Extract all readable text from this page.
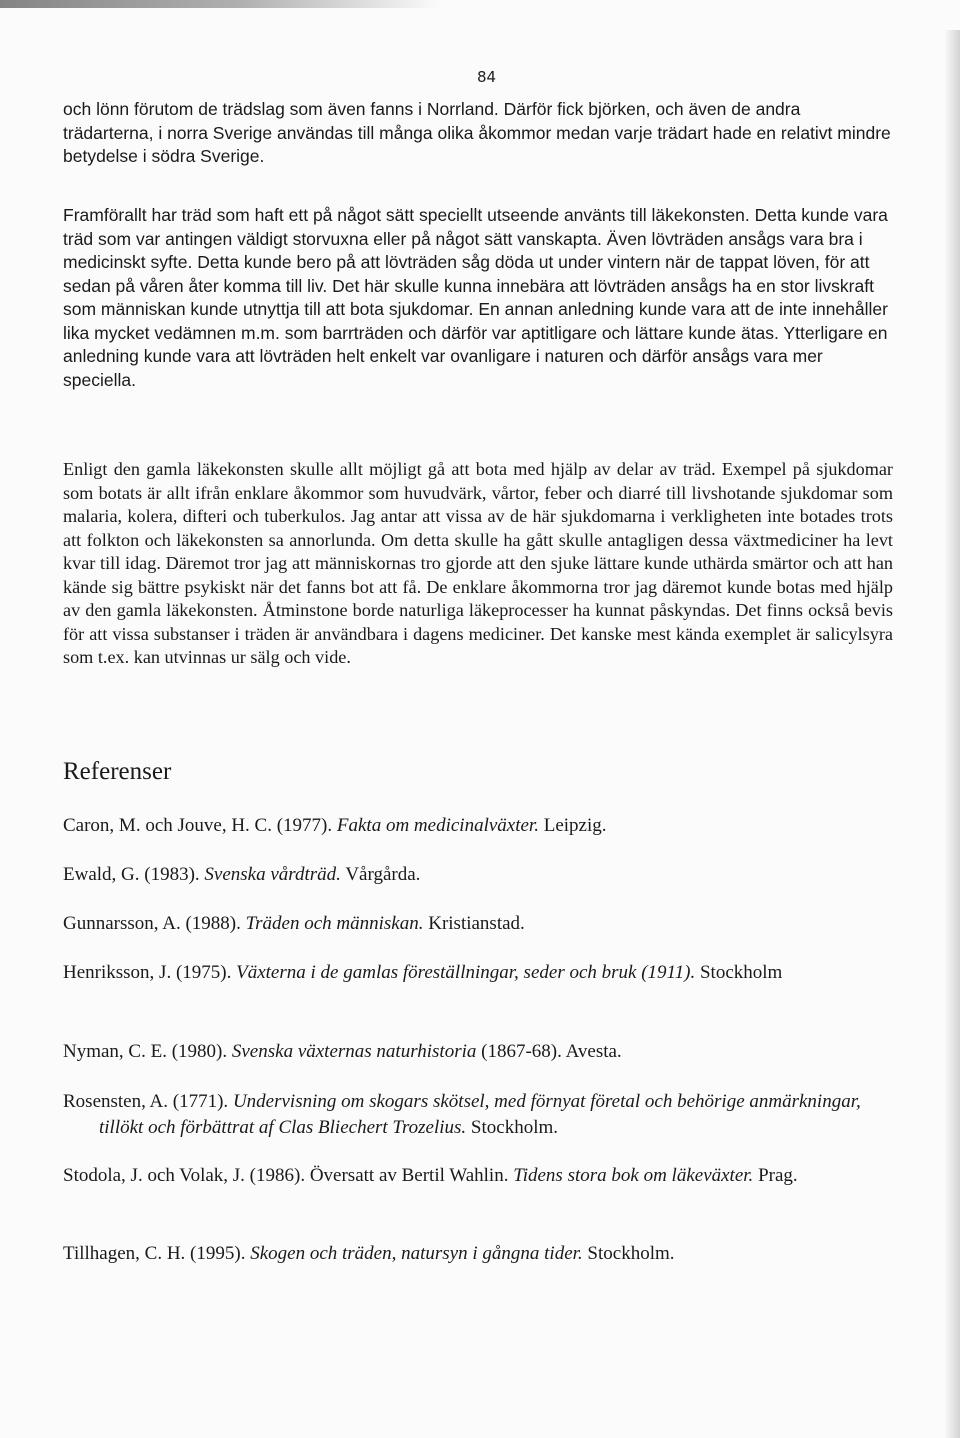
84

och lönn förutom de trädslag som även fanns i Norrland. Därför fick björken, och även de andra trädarterna, i norra Sverige användas till många olika åkommor medan varje trädart hade en relativt mindre betydelse i södra Sverige.

Framförallt har träd som haft ett på något sätt speciellt utseende använts till läkekonsten. Detta kunde vara träd som var antingen väldigt storvuxna eller på något sätt vanskapta. Även lövträden ansågs vara bra i medicinskt syfte. Detta kunde bero på att lövträden såg döda ut under vintern när de tappat löven, för att sedan på våren åter komma till liv. Det här skulle kunna innebära att lövträden ansågs ha en stor livskraft som människan kunde utnyttja till att bota sjukdomar. En annan anledning kunde vara att de inte innehåller lika mycket vedämnen m.m. som barrträden och därför var aptitligare och lättare kunde ätas. Ytterligare en anledning kunde vara att lövträden helt enkelt var ovanligare i naturen och därför ansågs vara mer speciella.

Enligt den gamla läkekonsten skulle allt möjligt gå att bota med hjälp av delar av träd. Exempel på sjukdomar som botats är allt ifrån enklare åkommor som huvudvärk, vårtor, feber och diarré till livshotande sjukdomar som malaria, kolera, difteri och tuberkulos. Jag antar att vissa av de här sjukdomarna i verkligheten inte botades trots att folkton och läkekonsten sa annorlunda. Om detta skulle ha gått skulle antagligen dessa växtmediciner ha levt kvar till idag. Däremot tror jag att människornas tro gjorde att den sjuke lättare kunde uthärda smärtor och att han kände sig bättre psykiskt när det fanns bot att få. De enklare åkommorna tror jag däremot kunde botas med hjälp av den gamla läkekonsten. Åtminstone borde naturliga läkeprocesser ha kunnat påskyndas. Det finns också bevis för att vissa substanser i träden är användbara i dagens mediciner. Det kanske mest kända exemplet är salicylsyra som t.ex. kan utvinnas ur sälg och vide.

Referenser
Caron, M. och Jouve, H. C. (1977). Fakta om medicinalväxter. Leipzig.
Ewald, G. (1983). Svenska vårdträd. Vårgårda.
Gunnarsson, A. (1988). Träden och människan. Kristianstad.
Henriksson, J. (1975). Växterna i de gamlas föreställningar, seder och bruk (1911). Stockholm
Nyman, C. E. (1980). Svenska växternas naturhistoria (1867-68). Avesta.
Rosensten, A. (1771). Undervisning om skogars skötsel, med förnyat företal och behörige anmärkningar, tillökt och förbättrat af Clas Bliechert Trozelius. Stockholm.
Stodola, J. och Volak, J. (1986). Översatt av Bertil Wahlin. Tidens stora bok om läkeväxter. Prag.
Tillhagen, C. H. (1995). Skogen och träden, natursyn i gångna tider. Stockholm.
